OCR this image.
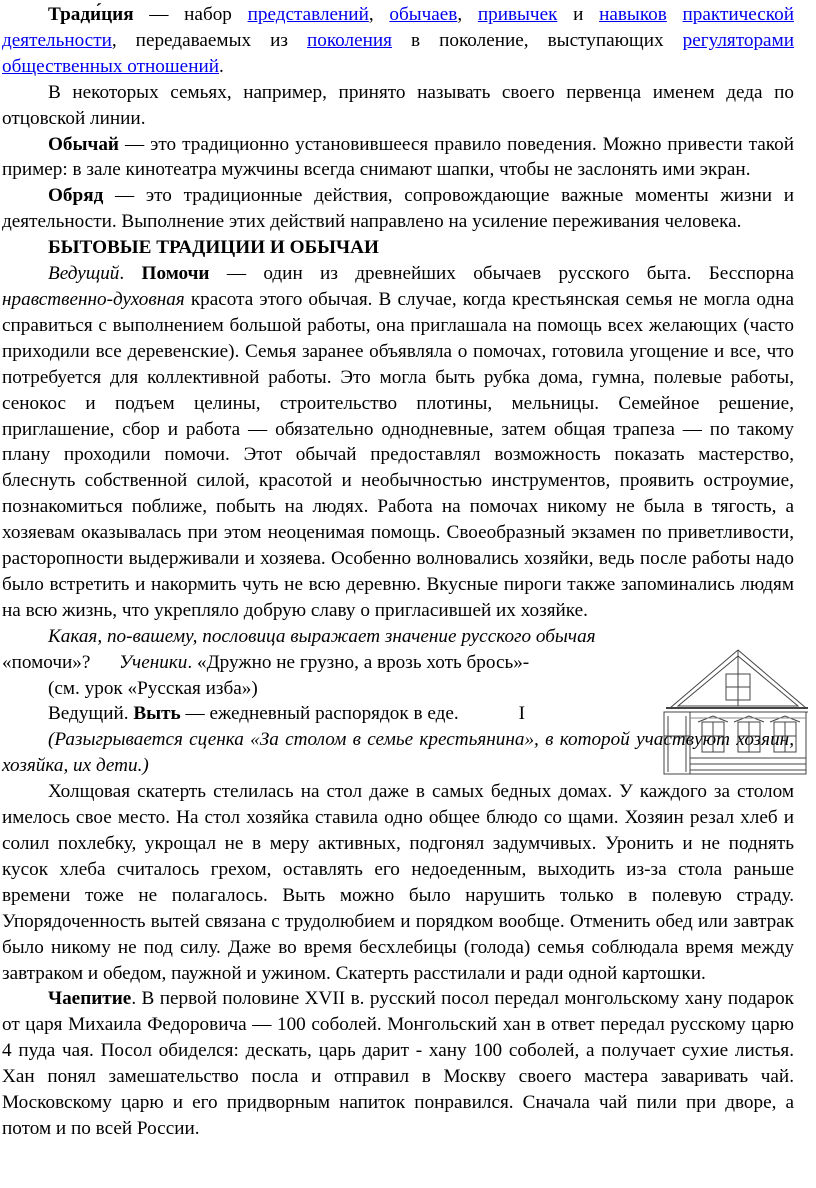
Тради́ция — набор представлений, обычаев, привычек и навыков практической деятельности, передаваемых из поколения в поколение, выступающих регуляторами общественных отношений.

В некоторых семьях, например, принято называть своего первенца именем деда по отцовской линии.

Обычай — это традиционно установившееся правило поведения. Можно привести такой пример: в зале кинотеатра мужчины всегда снимают шапки, чтобы не заслонять ими экран.

Обряд — это традиционные действия, сопровождающие важные моменты жизни и деятельности. Выполнение этих действий направлено на усиление переживания человека.

БЫТОВЫЕ ТРАДИЦИИ И ОБЫЧАИ

Ведущий. Помочи — один из древнейших обычаев русского быта. Бесспорна нравственно-духовная красота этого обычая. В случае, когда крестьянская семья не могла одна справиться с выполнением большой работы, она приглашала на помощь всех желающих (часто приходили все деревенские). Семья заранее объявляла о помочах, готовила угощение и все, что потребуется для коллективной работы. Это могла быть рубка дома, гумна, полевые работы, сенокос и подъем целины, строительство плотины, мельницы. Семейное решение, приглашение, сбор и работа — обязательно однодневные, затем общая трапеза — по такому плану проходили помочи. Этот обычай предоставлял возможность показать мастерство, блеснуть собственной силой, красотой и необычностью инструментов, проявить остроумие, познакомиться поближе, побыть на людях. Работа на помочах никому не была в тягость, а хозяевам оказывалась при этом неоценимая помощь. Своеобразный экзамен по приветливости, расторопности выдерживали и хозяева. Особенно волновались хозяйки, ведь после работы надо было встретить и накормить чуть не всю деревню. Вкусные пироги также запоминались людям на всю жизнь, что укрепляло добрую славу о пригласившей их хозяйке.

Какая, по-вашему, пословица выражает значение русского обычая

«помочи»? Ученики. «Дружно не грузно, а врозь хоть брось»-

(см. урок «Русская изба»)

Ведущий. Выть — ежедневный распорядок в еде.	I

(Разыгрывается сценка «За столом в семье крестьянина», в которой участвуют хозяин, хозяйка, их дети.)

Холщовая скатерть стелилась на стол даже в самых бедных домах. У каждого за столом имелось свое место. На стол хозяйка ставила одно общее блюдо со щами. Хозяин резал хлеб и солил похлебку, укрощал не в меру активных, подгонял задумчивых. Уронить и не поднять кусок хлеба считалось грехом, оставлять его недоеденным, выходить из-за стола раньше времени тоже не полагалось. Выть можно было нарушить только в полевую страду. Упорядоченность вытей связана с трудолюбием и порядком вообще. Отменить обед или завтрак было никому не под силу. Даже во время бесхлебицы (голода) семья соблюдала время между завтраком и обедом, паужной и ужином. Скатерть расстилали и ради одной картошки.

Чаепитие. В первой половине XVII в. русский посол передал монгольскому хану подарок от царя Михаила Федоровича — 100 соболей. Монгольский хан в ответ передал русскому царю 4 пуда чая. Посол обиделся: дескать, царь дарит - хану 100 соболей, а получает сухие листья. Хан понял замешательство посла и отправил в Москву своего мастера заваривать чай. Московскому царю и его придворным напиток понравился. Сначала чай пили при дворе, а потом и по всей России.
